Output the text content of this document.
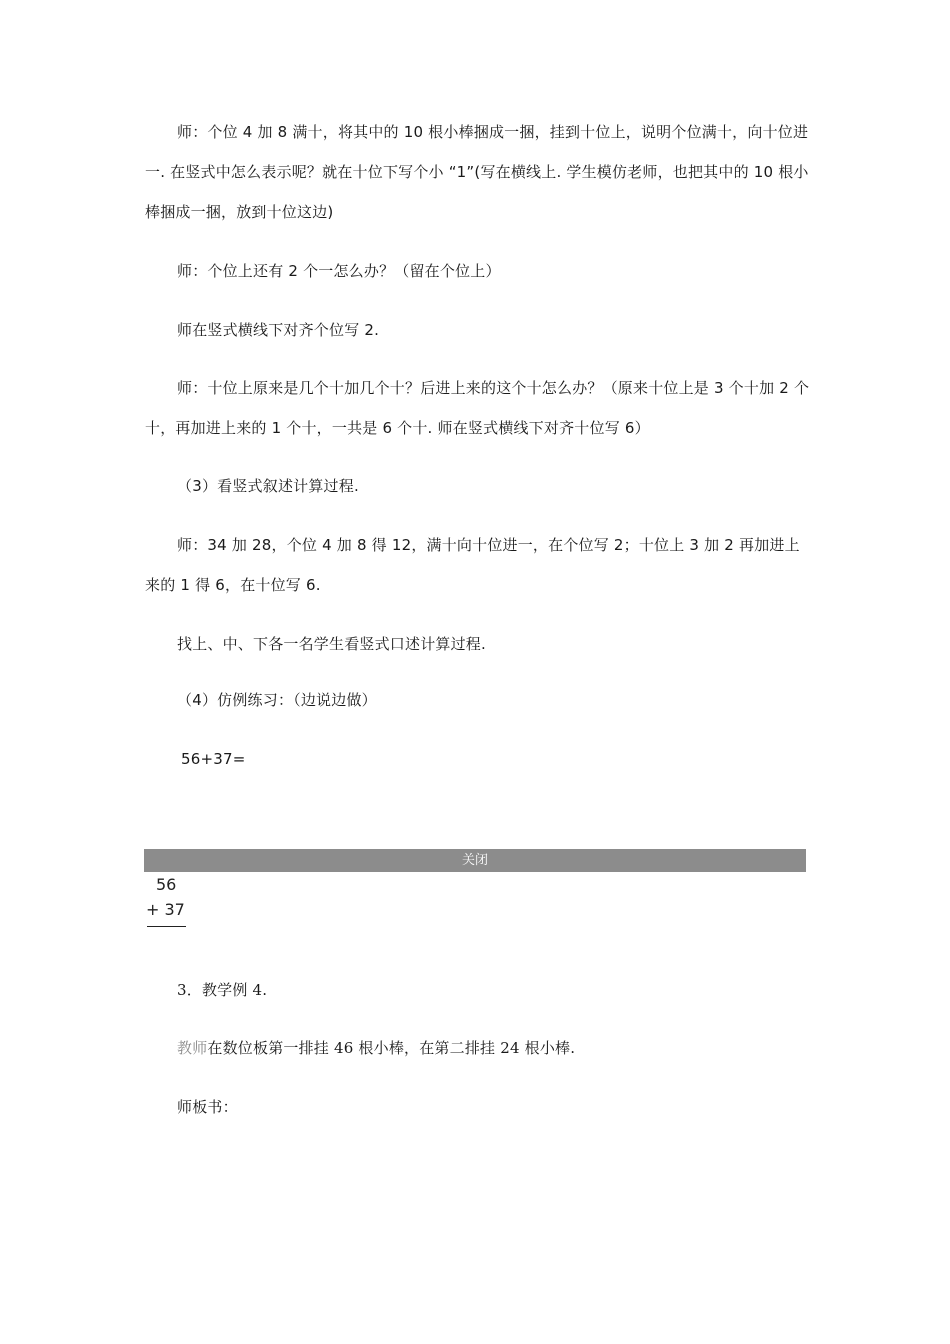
师：个位 4 加 8 满十，将其中的 10 根小棒捆成一捆，挂到十位上，说明个位满十，向十位进一. 在竖式中怎么表示呢？就在十位下写个小 “1”(写在横线上. 学生模仿老师，也把其中的 10 根小棒捆成一捆，放到十位这边)

师：个位上还有 2 个一怎么办？（留在个位上）

师在竖式横线下对齐个位写 2.

师：十位上原来是几个十加几个十？后进上来的这个十怎么办？（原来十位上是 3 个十加 2 个十，再加进上来的 1 个十，一共是 6 个十. 师在竖式横线下对齐十位写 6）

（3）看竖式叙述计算过程.

师：34 加 28，个位 4 加 8 得 12，满十向十位进一，在个位写 2；十位上 3 加 2 再加进上来的 1 得 6，在十位写 6.

找上、中、下各一名学生看竖式口述计算过程.

（4）仿例练习：（边说边做）

56+37=

关闭
56
+ 37

3．教学例 4.

教师在数位板第一排挂 46 根小棒，在第二排挂 24 根小棒.

师板书：
